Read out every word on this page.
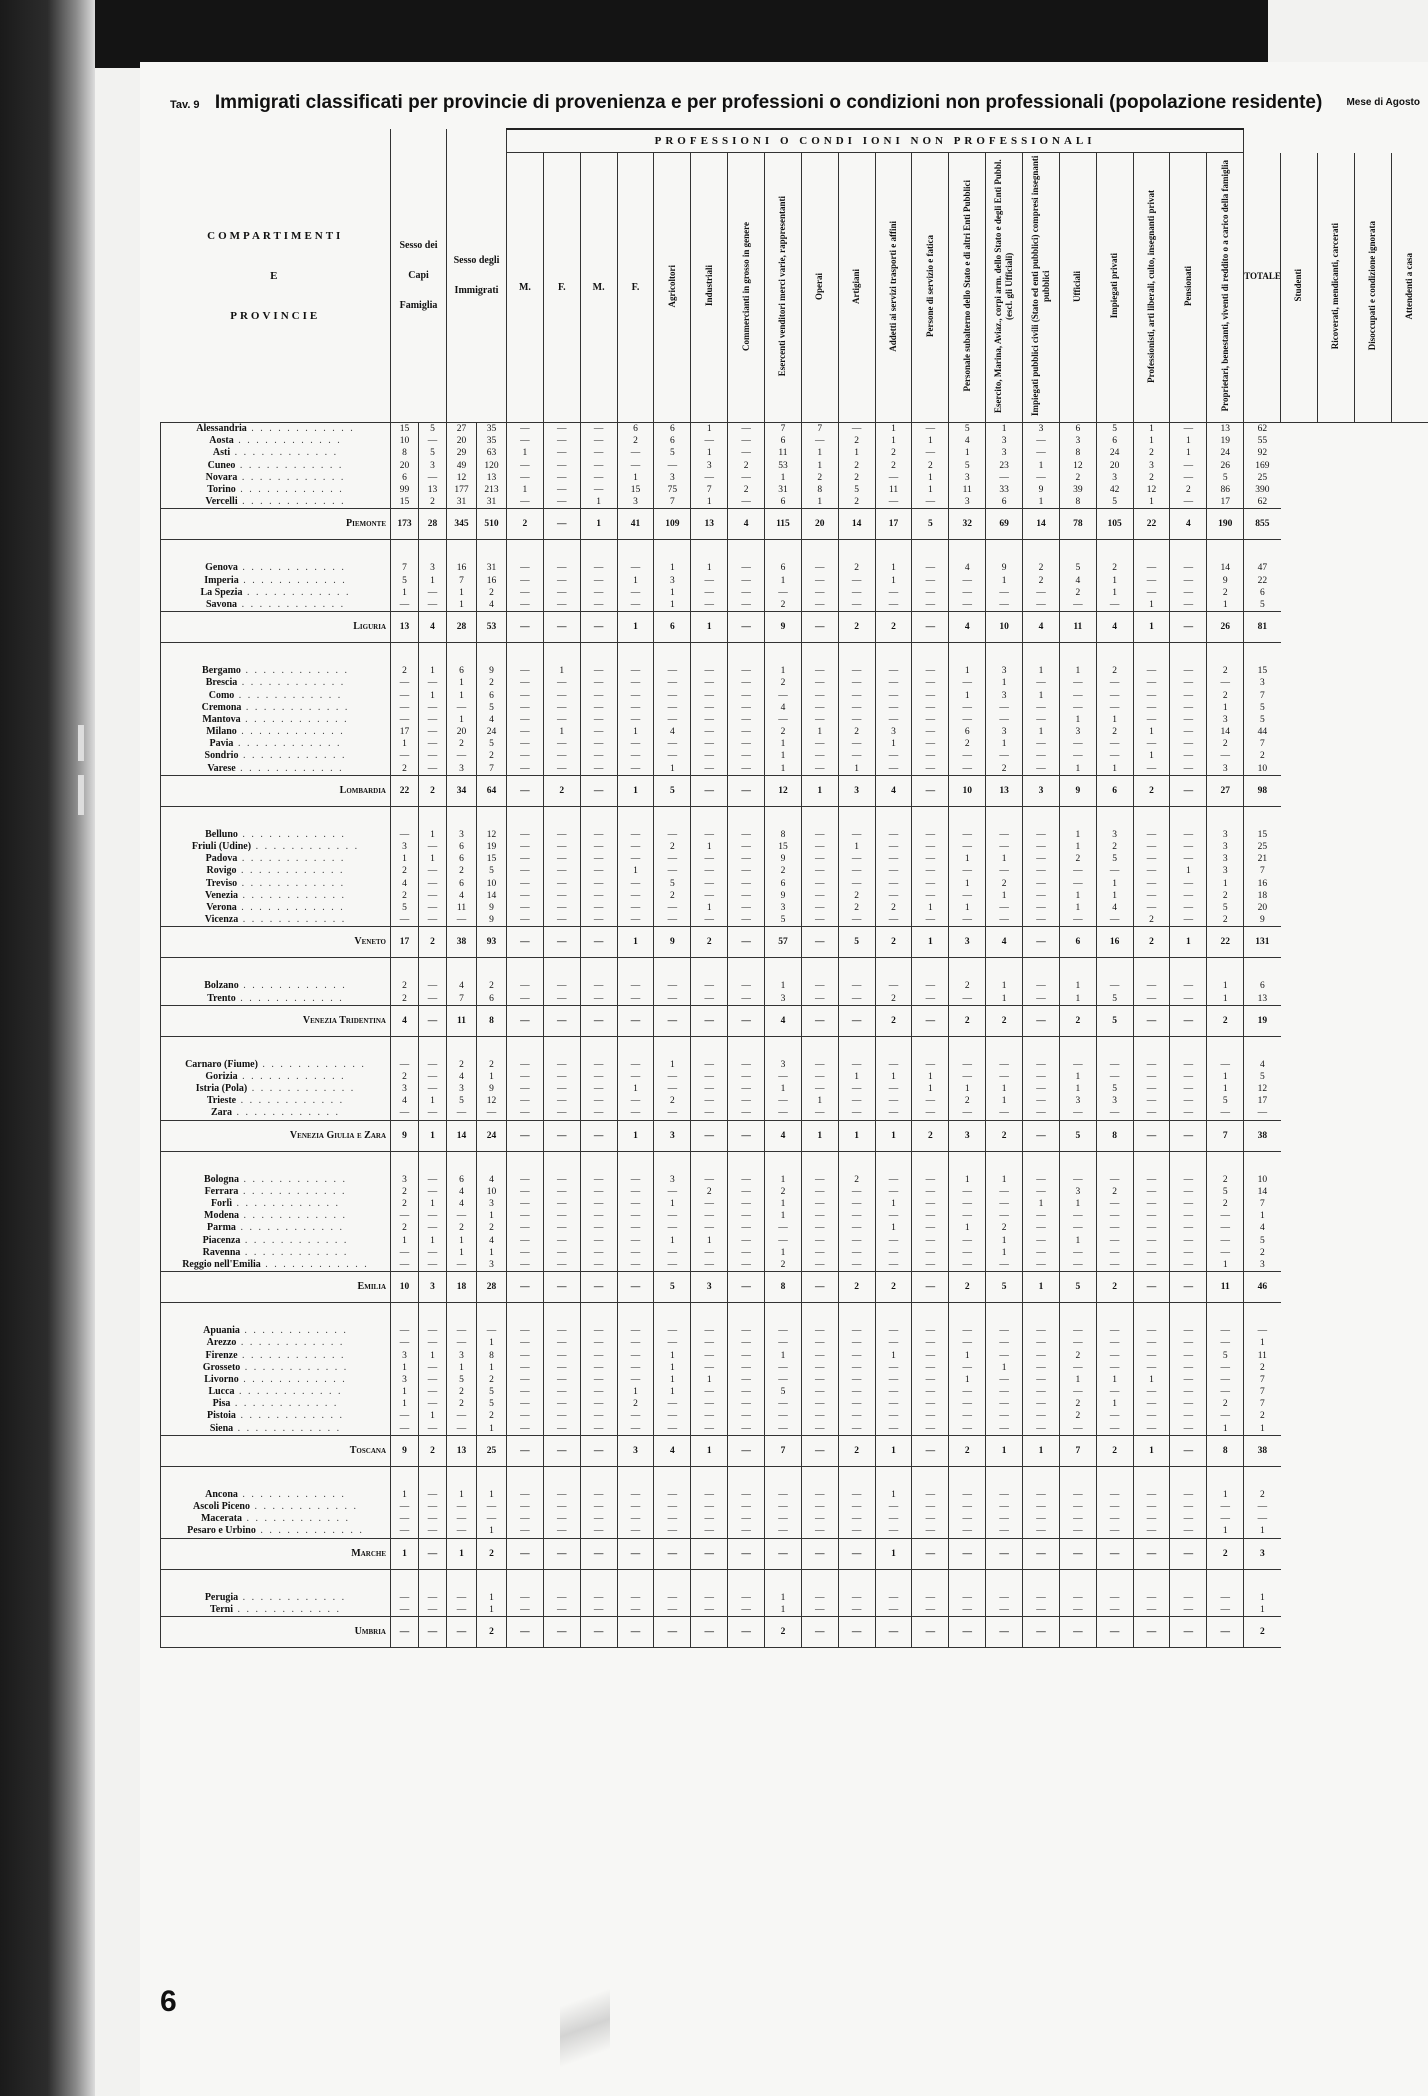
Tav. 9 Immigrati classificati per provincie di provenienza e per professioni o condizioni non professionali (popolazione residente) Mese di Agosto
COMPARTIMENTI
E
PROVINCIE	Sesso dei Capi Famiglia		Sesso degli Immigrati		PROFESSIONI O CONDI IONI NON PROFESSIONALI																				TOTALE				
					M.	F.	M.	F.	Agricoltori	Industriali	Commercianti in grosso in genere	Esercenti venditori merci varie, rappresentanti	Operai	Artigiani	Addetti ai servizi trasporti e affini	Persone di servizio e fatica	Personale subalterno dello Stato e di altri Enti Pubblici	Esercito, Marina, Aviaz., corpi arm. dello Stato e degli Enti Pubbl. (escl. gli Ufficiali)	Impiegati pubblici civili (Stato ed enti pubblici) compresi insegnanti pubblici	Ufficiali	Impiegati privati	Professionisti, arti liberali, culto, insegnanti privat	Pensionati	Proprietari, benestanti, viventi di reddito o a carico della famiglia		Studenti	Ricoverati, mendicanti, carcerati	Disoccupati e condizione ignorata	Attendenti a casa
Alessandria . . . . . . . . . . . .	15	5	27	35	—	—	—	6	6	1	—	7	7	—	1	—	5	1	3	6	5	1	—	13	62				
Aosta . . . . . . . . . . . .	10	—	20	35	—	—	—	2	6	—	—	6	—	2	1	1	4	3	—	3	6	1	1	19	55				
Asti . . . . . . . . . . . .	8	5	29	63	1	—	—	—	5	1	—	11	1	1	2	—	1	3	—	8	24	2	1	24	92				
Cuneo . . . . . . . . . . . .	20	3	49	120	—	—	—	—	—	3	2	53	1	2	2	2	5	23	1	12	20	3	—	26	169				
Novara . . . . . . . . . . . .	6	—	12	13	—	—	—	1	3	—	—	1	2	2	—	1	3	—	—	2	3	2	—	5	25				
Torino . . . . . . . . . . . .	99	13	177	213	1	—	—	15	75	7	2	31	8	5	11	1	11	33	9	39	42	12	2	86	390				
Vercelli . . . . . . . . . . . .	15	2	31	31	—	—	1	3	7	1	—	6	1	2	—	—	3	6	1	8	5	1	—	17	62				
Piemonte	173	28	345	510	2	—	1	41	109	13	4	115	20	14	17	5	32	69	14	78	105	22	4	190	855				

Genova . . . . . . . . . . . .	7	3	16	31	—	—	—	—	1	1	—	6	—	2	1	—	4	9	2	5	2	—	—	14	47				
Imperia . . . . . . . . . . . .	5	1	7	16	—	—	—	1	3	—	—	1	—	—	1	—	—	1	2	4	1	—	—	9	22				
La Spezia . . . . . . . . . . . .	1	—	1	2	—	—	—	—	1	—	—	—	—	—	—	—	—	—	—	2	1	—	—	2	6				
Savona . . . . . . . . . . . .	—	—	1	4	—	—	—	—	1	—	—	2	—	—	—	—	—	—	—	—	—	1	—	1	5				
Liguria	13	4	28	53	—	—	—	1	6	1	—	9	—	2	2	—	4	10	4	11	4	1	—	26	81				

Bergamo . . . . . . . . . . . .	2	1	6	9	—	1	—	—	—	—	—	1	—	—	—	—	1	3	1	1	2	—	—	2	15				
Brescia . . . . . . . . . . . .	—	—	1	2	—	—	—	—	—	—	—	2	—	—	—	—	—	1	—	—	—	—	—	—	3				
Como . . . . . . . . . . . .	—	1	1	6	—	—	—	—	—	—	—	—	—	—	—	—	1	3	1	—	—	—	—	2	7				
Cremona . . . . . . . . . . . .	—	—	—	5	—	—	—	—	—	—	—	4	—	—	—	—	—	—	—	—	—	—	—	1	5				
Mantova . . . . . . . . . . . .	—	—	1	4	—	—	—	—	—	—	—	—	—	—	—	—	—	—	—	1	1	—	—	3	5				
Milano . . . . . . . . . . . .	17	—	20	24	—	1	—	1	4	—	—	2	1	2	3	—	6	3	1	3	2	1	—	14	44				
Pavia . . . . . . . . . . . .	1	—	2	5	—	—	—	—	—	—	—	1	—	—	1	—	2	1	—	—	—	—	—	2	7				
Sondrio . . . . . . . . . . . .	—	—	—	2	—	—	—	—	—	—	—	1	—	—	—	—	—	—	—	—	—	1	—	—	2				
Varese . . . . . . . . . . . .	2	—	3	7	—	—	—	—	1	—	—	1	—	1	—	—	—	2	—	1	1	—	—	3	10				
Lombardia	22	2	34	64	—	2	—	1	5	—	—	12	1	3	4	—	10	13	3	9	6	2	—	27	98				

Belluno . . . . . . . . . . . .	—	1	3	12	—	—	—	—	—	—	—	8	—	—	—	—	—	—	—	1	3	—	—	3	15				
Friuli (Udine) . . . . . . . . . . . .	3	—	6	19	—	—	—	—	2	1	—	15	—	1	—	—	—	—	—	1	2	—	—	3	25				
Padova . . . . . . . . . . . .	1	1	6	15	—	—	—	—	—	—	—	9	—	—	—	—	1	1	—	2	5	—	—	3	21				
Rovigo . . . . . . . . . . . .	2	—	2	5	—	—	—	1	—	—	—	2	—	—	—	—	—	—	—	—	—	—	1	3	7				
Treviso . . . . . . . . . . . .	4	—	6	10	—	—	—	—	5	—	—	6	—	—	—	—	1	2	—	—	1	—	—	1	16				
Venezia . . . . . . . . . . . .	2	—	4	14	—	—	—	—	2	—	—	9	—	2	—	—	—	1	—	1	1	—	—	2	18				
Verona . . . . . . . . . . . .	5	—	11	9	—	—	—	—	—	1	—	3	—	2	2	1	1	—	—	1	4	—	—	5	20				
Vicenza . . . . . . . . . . . .	—	—	—	9	—	—	—	—	—	—	—	5	—	—	—	—	—	—	—	—	—	2	—	2	9				
Veneto	17	2	38	93	—	—	—	1	9	2	—	57	—	5	2	1	3	4	—	6	16	2	1	22	131				

Bolzano . . . . . . . . . . . .	2	—	4	2	—	—	—	—	—	—	—	1	—	—	—	—	2	1	—	1	—	—	—	1	6				
Trento . . . . . . . . . . . .	2	—	7	6	—	—	—	—	—	—	—	3	—	—	2	—	—	1	—	1	5	—	—	1	13				
Venezia Tridentina	4	—	11	8	—	—	—	—	—	—	—	4	—	—	2	—	2	2	—	2	5	—	—	2	19				

Carnaro (Fiume) . . . . . . . . . . . .	—	—	2	2	—	—	—	—	1	—	—	3	—	—	—	—	—	—	—	—	—	—	—	—	4				
Gorizia . . . . . . . . . . . .	2	—	4	1	—	—	—	—	—	—	—	—	—	1	1	1	—	—	—	1	—	—	—	1	5				
Istria (Pola) . . . . . . . . . . . .	3	—	3	9	—	—	—	1	—	—	—	1	—	—	—	1	1	1	—	1	5	—	—	1	12				
Trieste . . . . . . . . . . . .	4	1	5	12	—	—	—	—	2	—	—	—	1	—	—	—	2	1	—	3	3	—	—	5	17				
Zara . . . . . . . . . . . .	—	—	—	—	—	—	—	—	—	—	—	—	—	—	—	—	—	—	—	—	—	—	—	—	—				
Venezia Giulia e Zara	9	1	14	24	—	—	—	1	3	—	—	4	1	1	1	2	3	2	—	5	8	—	—	7	38				

Bologna . . . . . . . . . . . .	3	—	6	4	—	—	—	—	3	—	—	1	—	2	—	—	1	1	—	—	—	—	—	2	10				
Ferrara . . . . . . . . . . . .	2	—	4	10	—	—	—	—	—	2	—	2	—	—	—	—	—	—	—	3	2	—	—	5	14				
Forlì . . . . . . . . . . . .	2	1	4	3	—	—	—	—	1	—	—	1	—	—	1	—	—	—	1	1	—	—	—	2	7				
Modena . . . . . . . . . . . .	—	—	—	1	—	—	—	—	—	—	—	1	—	—	—	—	—	—	—	—	—	—	—	—	1				
Parma . . . . . . . . . . . .	2	—	2	2	—	—	—	—	—	—	—	—	—	—	1	—	1	2	—	—	—	—	—	—	4				
Piacenza . . . . . . . . . . . .	1	1	1	4	—	—	—	—	1	1	—	—	—	—	—	—	—	1	—	1	—	—	—	—	5				
Ravenna . . . . . . . . . . . .	—	—	1	1	—	—	—	—	—	—	—	1	—	—	—	—	—	1	—	—	—	—	—	—	2				
Reggio nell'Emilia . . . . . . . . . . . .	—	—	—	3	—	—	—	—	—	—	—	2	—	—	—	—	—	—	—	—	—	—	—	1	3				
Emilia	10	3	18	28	—	—	—	—	5	3	—	8	—	2	2	—	2	5	1	5	2	—	—	11	46				

Apuania . . . . . . . . . . . .	—	—	—	—	—	—	—	—	—	—	—	—	—	—	—	—	—	—	—	—	—	—	—	—	—				
Arezzo . . . . . . . . . . . .	—	—	—	1	—	—	—	—	—	—	—	—	—	—	—	—	—	—	—	—	—	—	—	—	1				
Firenze . . . . . . . . . . . .	3	1	3	8	—	—	—	—	1	—	—	1	—	—	1	—	1	—	—	2	—	—	—	5	11				
Grosseto . . . . . . . . . . . .	1	—	1	1	—	—	—	—	1	—	—	—	—	—	—	—	—	1	—	—	—	—	—	—	2				
Livorno . . . . . . . . . . . .	3	—	5	2	—	—	—	—	1	1	—	—	—	—	—	—	1	—	—	1	1	1	—	—	7				
Lucca . . . . . . . . . . . .	1	—	2	5	—	—	—	1	1	—	—	5	—	—	—	—	—	—	—	—	—	—	—	—	7				
Pisa . . . . . . . . . . . .	1	—	2	5	—	—	—	2	—	—	—	—	—	—	—	—	—	—	—	2	1	—	—	2	7				
Pistoia . . . . . . . . . . . .	—	1	—	2	—	—	—	—	—	—	—	—	—	—	—	—	—	—	—	2	—	—	—	—	2				
Siena . . . . . . . . . . . .	—	—	—	1	—	—	—	—	—	—	—	—	—	—	—	—	—	—	—	—	—	—	—	1	1				
Toscana	9	2	13	25	—	—	—	3	4	1	—	7	—	2	1	—	2	1	1	7	2	1	—	8	38				

Ancona . . . . . . . . . . . .	1	—	1	1	—	—	—	—	—	—	—	—	—	—	1	—	—	—	—	—	—	—	—	1	2				
Ascoli Piceno . . . . . . . . . . . .	—	—	—	—	—	—	—	—	—	—	—	—	—	—	—	—	—	—	—	—	—	—	—	—	—				
Macerata . . . . . . . . . . . .	—	—	—	—	—	—	—	—	—	—	—	—	—	—	—	—	—	—	—	—	—	—	—	—	—				
Pesaro e Urbino . . . . . . . . . . . .	—	—	—	1	—	—	—	—	—	—	—	—	—	—	—	—	—	—	—	—	—	—	—	1	1				
Marche	1	—	1	2	—	—	—	—	—	—	—	—	—	—	1	—	—	—	—	—	—	—	—	2	3				

Perugia . . . . . . . . . . . .	—	—	—	1	—	—	—	—	—	—	—	1	—	—	—	—	—	—	—	—	—	—	—	—	1				
Terni . . . . . . . . . . . .	—	—	—	1	—	—	—	—	—	—	—	1	—	—	—	—	—	—	—	—	—	—	—	—	1				
Umbria	—	—	—	2	—	—	—	—	—	—	—	2	—	—	—	—	—	—	—	—	—	—	—	—	2				
6
